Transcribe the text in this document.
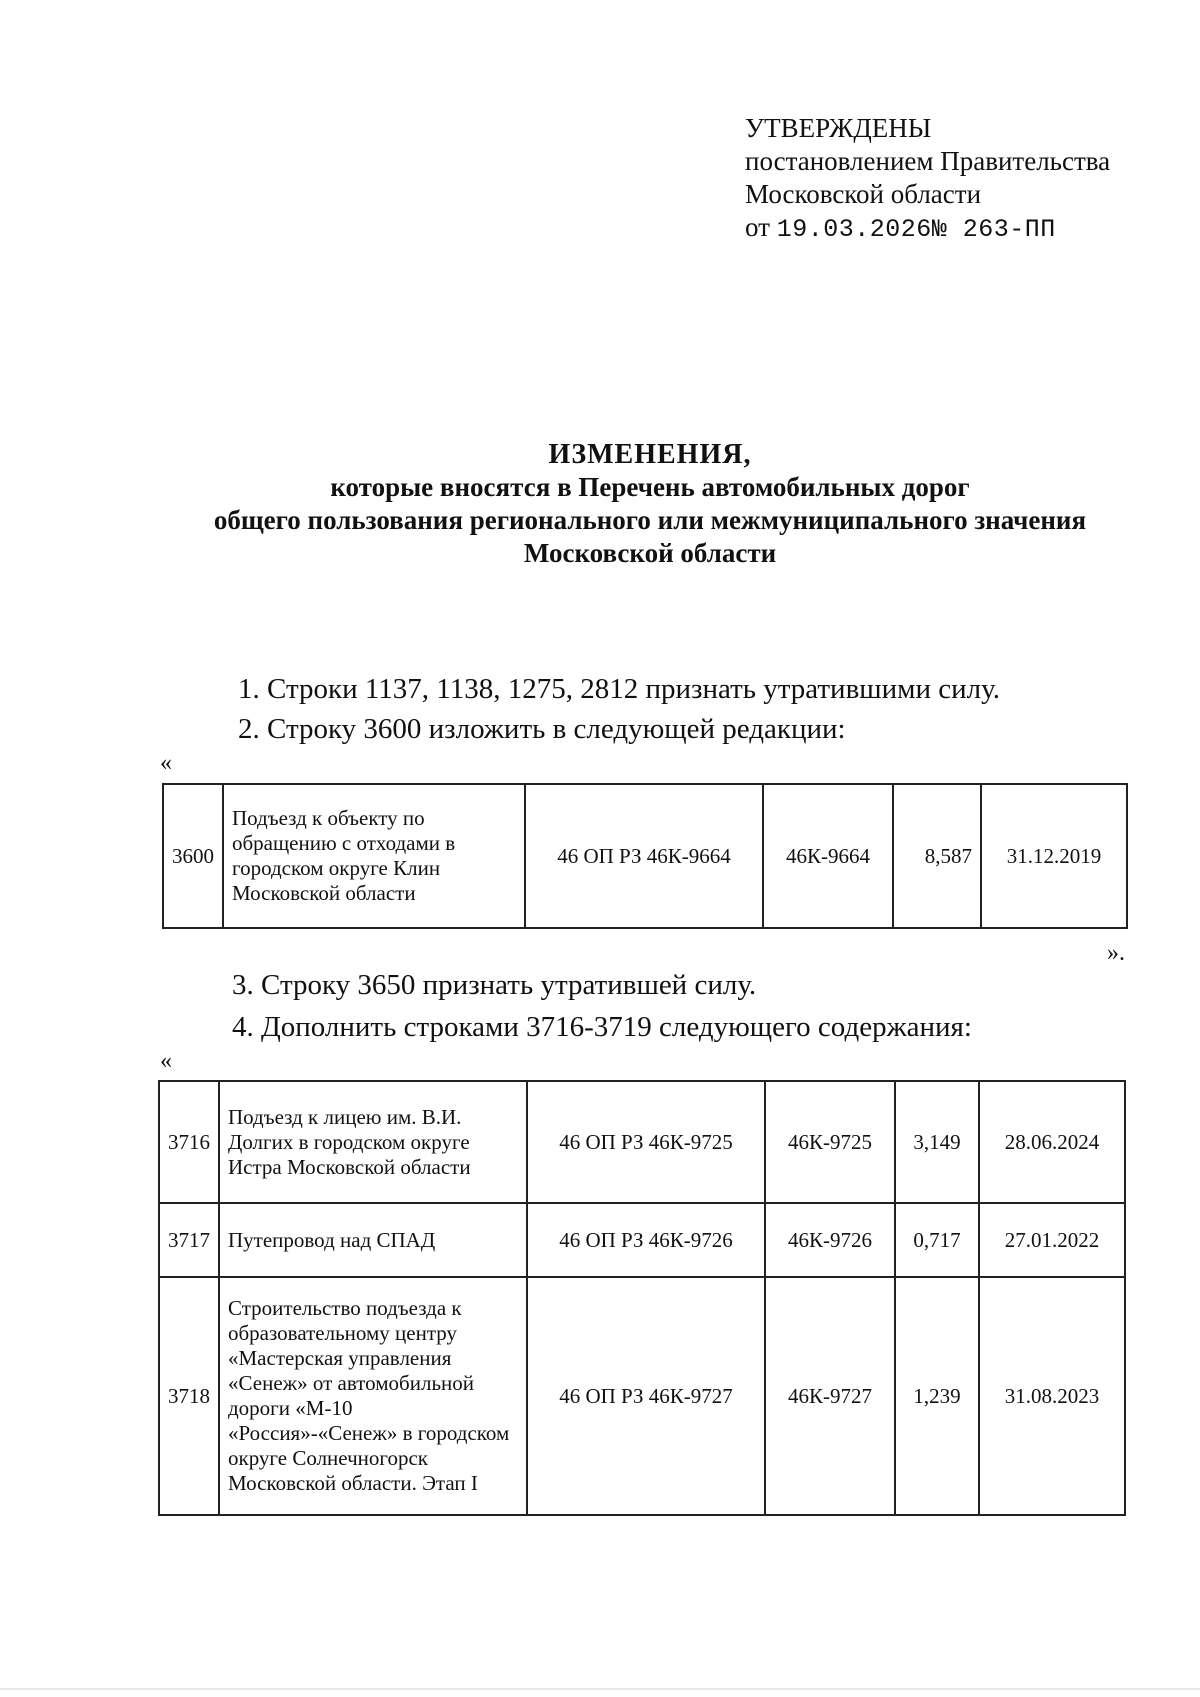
УТВЕРЖДЕНЫ
постановлением Правительства
Московской области
от 19.03.2026№ 263-ПП
ИЗМЕНЕНИЯ,
которые вносятся в Перечень автомобильных дорог
общего пользования регионального или межмуниципального значения
Московской области
1. Строки 1137, 1138, 1275, 2812 признать утратившими силу.
2. Строку 3600 изложить в следующей редакции:
«
3600	Подъезд к объекту по обращению с отходами в городском округе Клин Московской области	46 ОП РЗ 46К-9664	46К-9664	8,587	31.12.2019
».
3. Строку 3650 признать утратившей силу.
4. Дополнить строками 3716-3719 следующего содержания:
«
3716	Подъезд к лицею им. В.И. Долгих в городском округе Истра Московской области	46 ОП РЗ 46К-9725	46К-9725	3,149	28.06.2024
3717	Путепровод над СПАД	46 ОП РЗ 46К-9726	46К-9726	0,717	27.01.2022
3718	Строительство подъезда к образовательному центру «Мастерская управления «Сенеж» от автомобильной дороги «М-10 «Россия»-«Сенеж» в городском округе Солнечногорск Московской области. Этап I	46 ОП РЗ 46К-9727	46К-9727	1,239	31.08.2023
